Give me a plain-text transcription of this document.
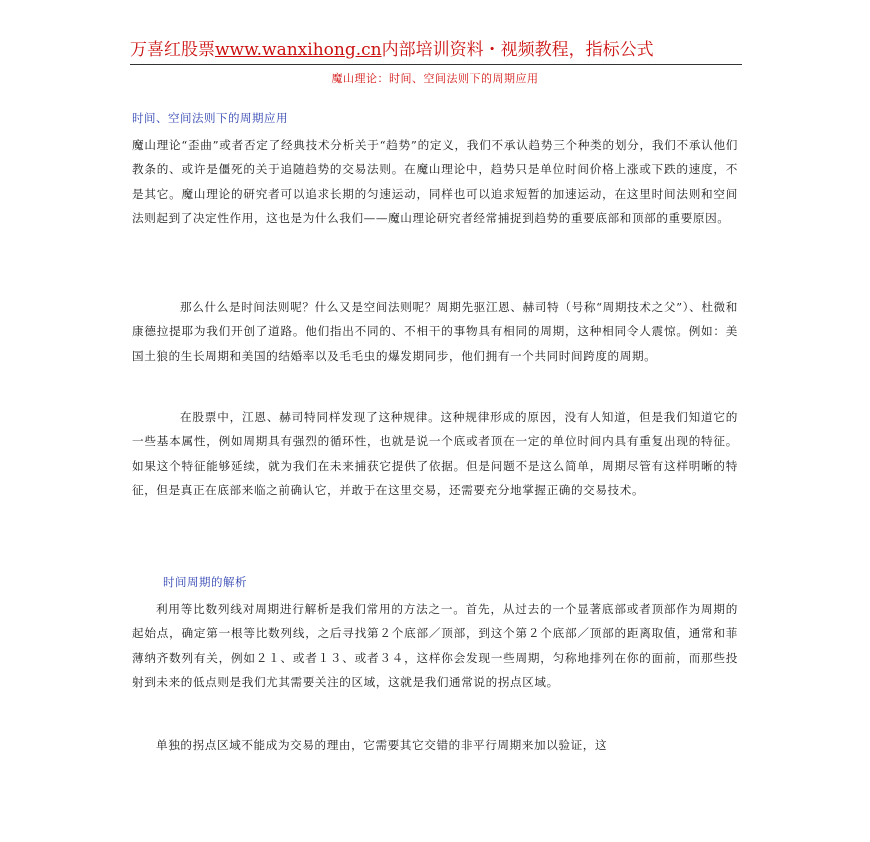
万喜红股票www.wanxihong.cn内部培训资料・视频教程，指标公式
魔山理论：时间、空间法则下的周期应用
时间、空间法则下的周期应用
魔山理论“歪曲”或者否定了经典技术分析关于“趋势”的定义，我们不承认趋势三个种类的划分，我们不承认他们教条的、或许是僵死的关于追随趋势的交易法则。在魔山理论中，趋势只是单位时间价格上涨或下跌的速度，不是其它。魔山理论的研究者可以追求长期的匀速运动，同样也可以追求短暂的加速运动，在这里时间法则和空间法则起到了决定性作用，这也是为什么我们——魔山理论研究者经常捕捉到趋势的重要底部和顶部的重要原因。
那么什么是时间法则呢？什么又是空间法则呢？周期先驱江恩、赫司特（号称“周期技术之父”）、杜微和康德拉提耶为我们开创了道路。他们指出不同的、不相干的事物具有相同的周期，这种相同令人震惊。例如：美国土狼的生长周期和美国的结婚率以及毛毛虫的爆发期同步，他们拥有一个共同时间跨度的周期。
在股票中，江恩、赫司特同样发现了这种规律。这种规律形成的原因，没有人知道，但是我们知道它的一些基本属性，例如周期具有强烈的循环性，也就是说一个底或者顶在一定的单位时间内具有重复出现的特征。如果这个特征能够延续，就为我们在未来捕获它提供了依据。但是问题不是这么简单，周期尽管有这样明晰的特征，但是真正在底部来临之前确认它，并敢于在这里交易，还需要充分地掌握正确的交易技术。
时间周期的解析
利用等比数列线对周期进行解析是我们常用的方法之一。首先，从过去的一个显著底部或者顶部作为周期的起始点，确定第一根等比数列线，之后寻找第２个底部／顶部，到这个第２个底部／顶部的距离取值，通常和菲薄纳齐数列有关，例如２１、或者１３、或者３４，这样你会发现一些周期，匀称地排列在你的面前，而那些投射到未来的低点则是我们尤其需要关注的区域，这就是我们通常说的拐点区域。
单独的拐点区域不能成为交易的理由，它需要其它交错的非平行周期来加以验证，这
